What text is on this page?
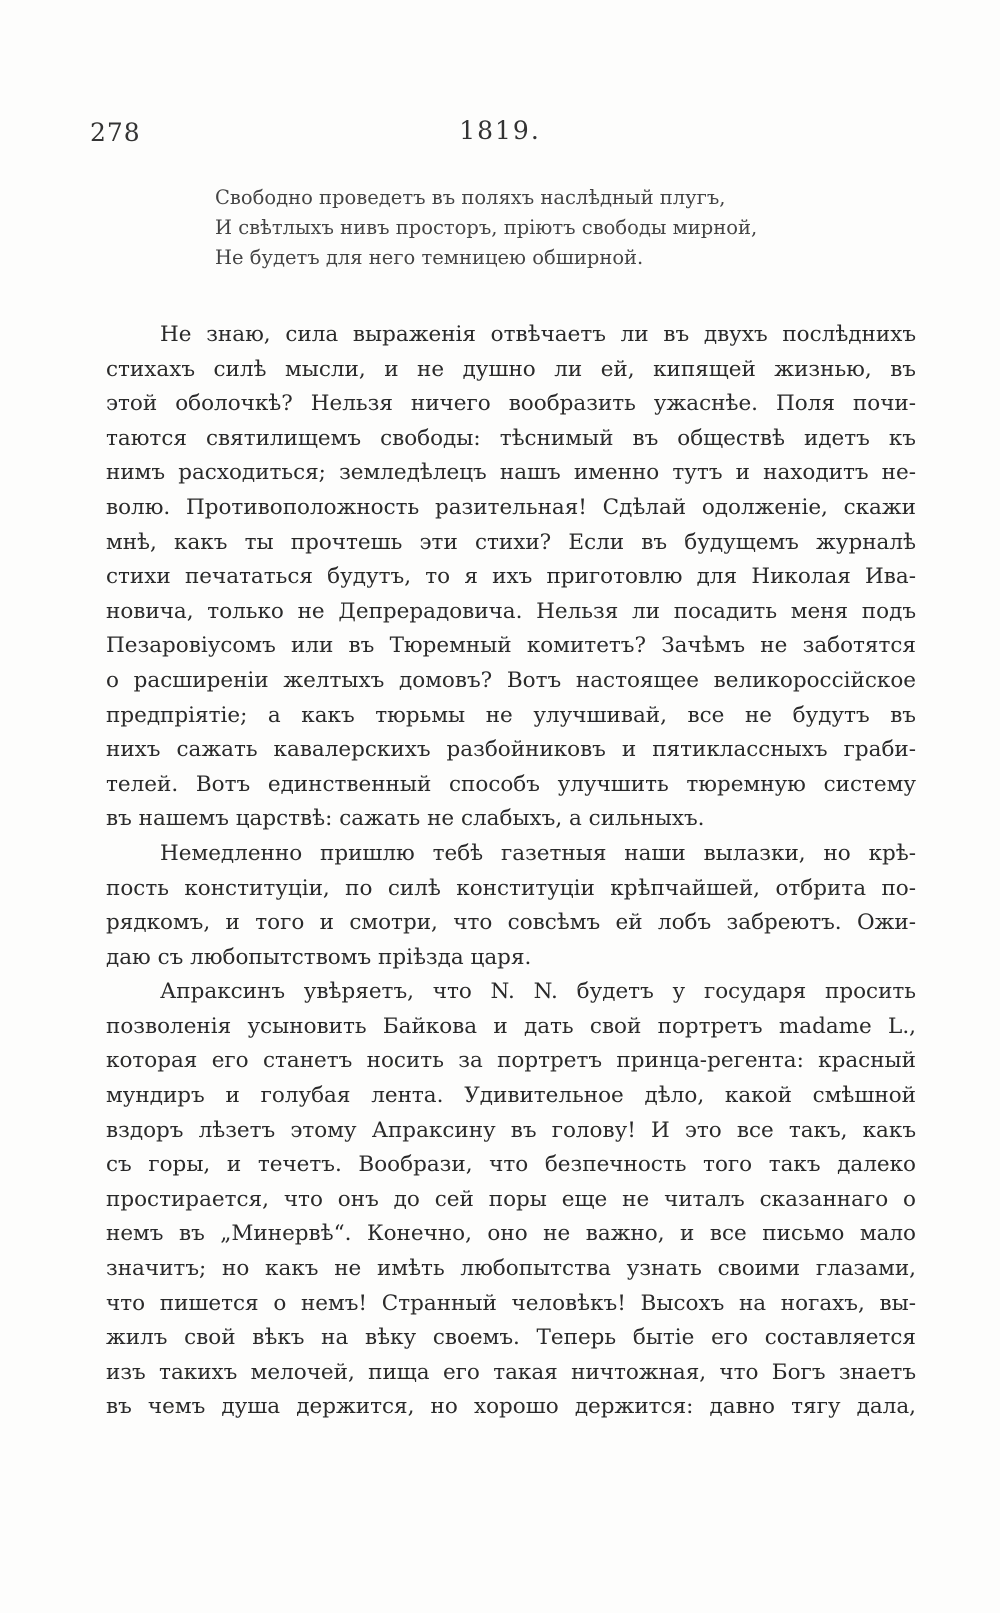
278	1819.
Свободно проведетъ въ поляхъ наслѣдный плугъ,
И свѣтлыхъ нивъ просторъ, пріютъ свободы мирной,
Не будетъ для него темницею обширной.
Не знаю, сила выраженія отвѣчаетъ ли въ двухъ послѣднихъ
стихахъ силѣ мысли, и не душно ли ей, кипящей жизнью, въ
этой оболочкѣ? Нельзя ничего вообразить ужаснѣе. Поля почи-
таются святилищемъ свободы: тѣснимый въ обществѣ идетъ къ
нимъ расходиться; земледѣлецъ нашъ именно тутъ и находитъ не-
волю. Противоположность разительная! Сдѣлай одолженіе, скажи
мнѣ, какъ ты прочтешь эти стихи? Если въ будущемъ журналѣ
стихи печататься будутъ, то я ихъ приготовлю для Николая Ива-
новича, только не Депрерадовича. Нельзя ли посадить меня подъ
Пезаровіусомъ или въ Тюремный комитетъ? Зачѣмъ не заботятся
о расширеніи желтыхъ домовъ? Вотъ настоящее великороссійское
предпріятіе; а какъ тюрьмы не улучшивай, все не будутъ въ
нихъ сажать кавалерскихъ разбойниковъ и пятиклассныхъ граби-
телей. Вотъ единственный способъ улучшить тюремную систему
въ нашемъ царствѣ: сажать не слабыхъ, а сильныхъ.
Немедленно пришлю тебѣ газетныя наши вылазки, но крѣ-
пость конституціи, по силѣ конституціи крѣпчайшей, отбрита по-
рядкомъ, и того и смотри, что совсѣмъ ей лобъ забреютъ. Ожи-
даю съ любопытствомъ пріѣзда царя.
Апраксинъ увѣряетъ, что N. N. будетъ у государя просить
позволенія усыновить Байкова и дать свой портретъ madame L.,
которая его станетъ носить за портретъ принца-регента: красный
мундиръ и голубая лента. Удивительное дѣло, какой смѣшной
вздоръ лѣзетъ этому Апраксину въ голову! И это все такъ, какъ
съ горы, и течетъ. Вообрази, что безпечность того такъ далеко
простирается, что онъ до сей поры еще не читалъ сказаннаго о
немъ въ „Минервѣ“. Конечно, оно не важно, и все письмо мало
значитъ; но какъ не имѣть любопытства узнать своими глазами,
что пишется о немъ! Странный человѣкъ! Высохъ на ногахъ, вы-
жилъ свой вѣкъ на вѣку своемъ. Теперь бытіе его составляется
изъ такихъ мелочей, пища его такая ничтожная, что Богъ знаетъ
въ чемъ душа держится, но хорошо держится: давно тягу дала,
